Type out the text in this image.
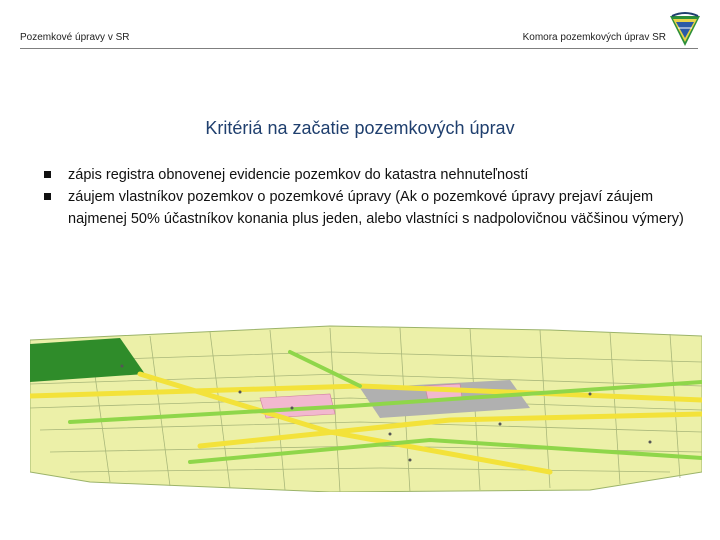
Pozemkové úpravy v SR	Komora pozemkových úprav SR
Kritériá na začatie pozemkových úprav
zápis registra obnovenej evidencie pozemkov do katastra nehnuteľností
záujem vlastníkov pozemkov o pozemkové úpravy (Ak o pozemkové úpravy prejaví záujem najmenej 50% účastníkov konania plus jeden, alebo vlastníci s nadpolovičnou väčšinou výmery)
